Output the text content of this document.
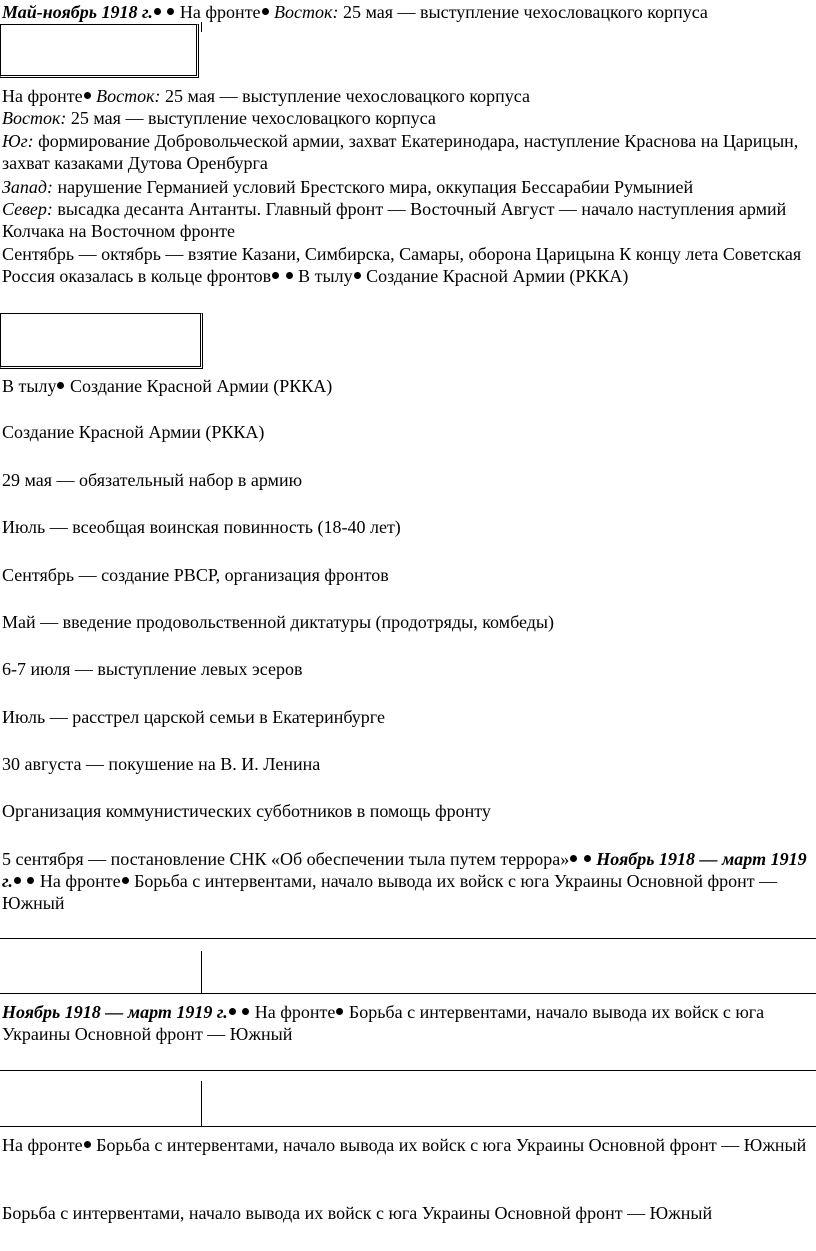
Май-ноябрь 1918 г. На фронте Восток: 25 мая — выступление чехословацкого корпуса

На фронте Восток: 25 мая — выступление чехословацкого корпуса

Восток: 25 мая — выступление чехословацкого корпуса

Юг: формирование Добровольческой армии, захват Екатеринодара, наступление Краснова на Царицын, захват казаками Дутова Оренбурга

Запад: нарушение Германией условий Брестского мира, оккупация Бессарабии Румынией

Север: высадка десанта Антанты. Главный фронт — Восточный Август — начало наступления армий Колчака на Восточном фронте

Сентябрь — октябрь — взятие Казани, Симбирска, Самары, оборона Царицына К концу лета Советская Россия оказалась в кольце фронтов В тылу Создание Красной Армии (РККА)

В тылу Создание Красной Армии (РККА)

Создание Красной Армии (РККА)

29 мая — обязательный набор в армию

Июль — всеобщая воинская повинность (18-40 лет)

Сентябрь — создание РВСР, организация фронтов

Май — введение продовольственной диктатуры (продотряды, комбеды)

6-7 июля — выступление левых эсеров

Июль — расстрел царской семьи в Екатеринбурге

30 августа — покушение на В. И. Ленина

Организация коммунистических субботников в помощь фронту

5 сентября — постановление СНК «Об обеспечении тыла путем террора» Ноябрь 1918 — март 1919 г. На фронте Борьба с интервентами, начало вывода их войск с юга Украины Основной фронт — Южный

Ноябрь 1918 — март 1919 г. На фронте Борьба с интервентами, начало вывода их войск с юга Украины Основной фронт — Южный

На фронте Борьба с интервентами, начало вывода их войск с юга Украины Основной фронт — Южный

Борьба с интервентами, начало вывода их войск с юга Украины Основной фронт — Южный
